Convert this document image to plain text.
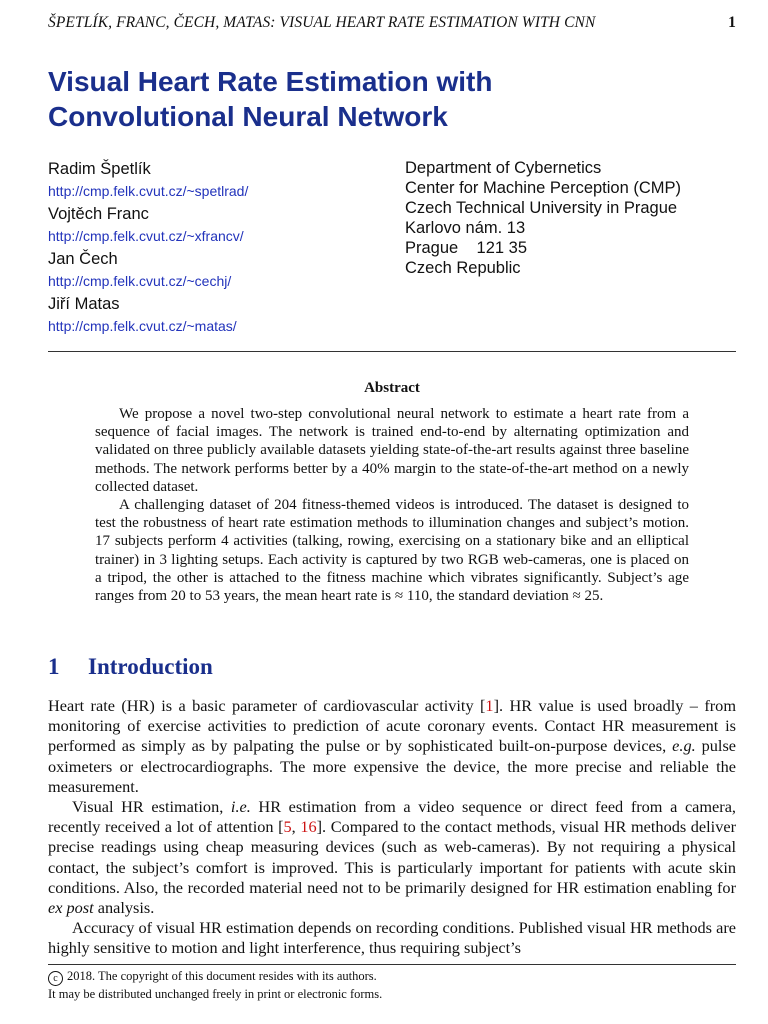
ŠPETLÍK, FRANC, ČECH, MATAS: VISUAL HEART RATE ESTIMATION WITH CNN	1
Visual Heart Rate Estimation with
Convolutional Neural Network
Radim Špetlík
http://cmp.felk.cvut.cz/~spetlrad/
Vojtěch Franc
http://cmp.felk.cvut.cz/~xfrancv/
Jan Čech
http://cmp.felk.cvut.cz/~cechj/
Jiří Matas
http://cmp.felk.cvut.cz/~matas/
Department of Cybernetics
Center for Machine Perception (CMP)
Czech Technical University in Prague
Karlovo nám. 13
Prague    121 35
Czech Republic
Abstract

We propose a novel two-step convolutional neural network to estimate a heart rate from a sequence of facial images. The network is trained end-to-end by alternating optimization and validated on three publicly available datasets yielding state-of-the-art results against three baseline methods. The network performs better by a 40% margin to the state-of-the-art method on a newly collected dataset.

A challenging dataset of 204 fitness-themed videos is introduced. The dataset is designed to test the robustness of heart rate estimation methods to illumination changes and subject’s motion. 17 subjects perform 4 activities (talking, rowing, exercising on a stationary bike and an elliptical trainer) in 3 lighting setups. Each activity is captured by two RGB web-cameras, one is placed on a tripod, the other is attached to the fitness machine which vibrates significantly. Subject’s age ranges from 20 to 53 years, the mean heart rate is ≈ 110, the standard deviation ≈ 25.

1 Introduction

Heart rate (HR) is a basic parameter of cardiovascular activity [1]. HR value is used broadly – from monitoring of exercise activities to prediction of acute coronary events. Contact HR measurement is performed as simply as by palpating the pulse or by sophisticated built-on-purpose devices, e.g. pulse oximeters or electrocardiographs. The more expensive the device, the more precise and reliable the measurement.

Visual HR estimation, i.e. HR estimation from a video sequence or direct feed from a camera, recently received a lot of attention [5, 16]. Compared to the contact methods, visual HR methods deliver precise readings using cheap measuring devices (such as web-cameras). By not requiring a physical contact, the subject’s comfort is improved. This is particularly important for patients with acute skin conditions. Also, the recorded material need not to be primarily designed for HR estimation enabling for ex post analysis.

Accuracy of visual HR estimation depends on recording conditions. Published visual HR methods are highly sensitive to motion and light interference, thus requiring subject’s

c 2018. The copyright of this document resides with its authors.
It may be distributed unchanged freely in print or electronic forms.
